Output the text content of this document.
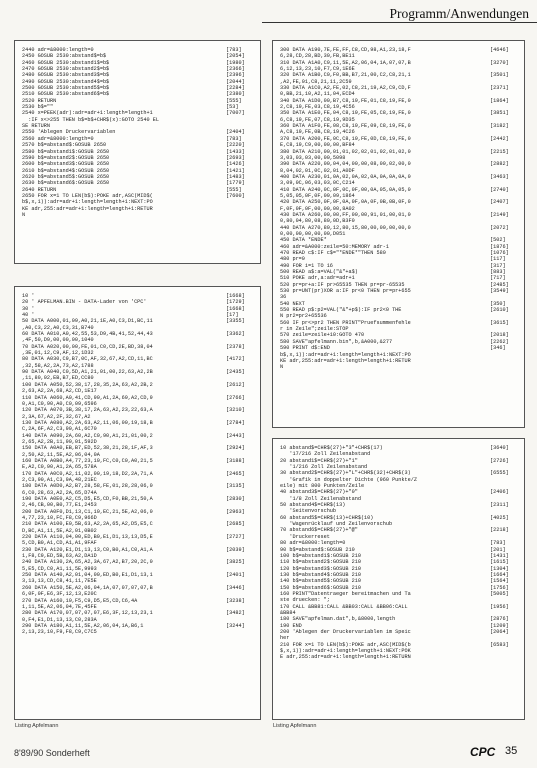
Programm/Anwendungen
2440 adr=&8000:length=0	[783]
2450 GOSUB 2530:abstand$=b$	[2054]
2460 GOSUB 2530:abstand1$=b$	[1980]
2470 GOSUB 2530:abstand2$=b$	[2366]
2480 GOSUB 2530:abstand3$=b$	[2396]
2490 GOSUB 2530:abstand4$=b$	[2044]
2500 GOSUB 2530:abstand5$=b$	[2284]
2510 GOSUB 2530:abstand6$=b$	[2380]
2520 RETURN	[555]
2530 b$=""	[53]
2540 x=PEEK(adr):adr=adr+1:length=length+1	[7007]
:IF x<>255 THEN b$=b$+CHR$(x):GOTO 2540 EL
SE RETURN
2550 'Ablegen Druckervariablen	[2404]
2560 adr=&8000:length=0	[783]
2570 b$=abstand$:GOSUB 2650	[2220]
2580 b$=abstand1$:GOSUB 2650	[1433]
2590 b$=abstand2$:GOSUB 2650	[2693]
2600 b$=abstand3$:GOSUB 2650	[1426]
2610 b$=abstand4$:GOSUB 2650	[1421]
2620 b$=abstand5$:GOSUB 2650	[1483]
2630 b$=abstand6$:GOSUB 2650	[1779]
2640 RETURN	[555]
2650 FOR x=1 TO LEN(b$):POKE adr,ASC(MID$(	[7600]
b$,x,1)):adr=adr+1:length=length+1:NEXT:PO
KE adr,255:adr=adr+1:length=length+1:RETUR
N
300 DATA A190,7E,FE,FF,C8,CD,98,A1,23,18,F	[4646]
6,28,CD,28,BD,30,FB,BE11
310 DATA A1A0,C9,11,5E,A2,06,04,1A,07,07,B	[3270]
6,12,13,23,10,F7,C9,1E6E
320 DATA A1B0,C0,F0,BB,B7,21,00,C2,C8,21,1	[3501]
,A2,FE,01,C8,21,11,2C59
330 DATA A1C0,A2,FE,02,C8,21,19,A2,C9,CD,F	[2371]
0,BB,21,10,A2,11,04,ECD4
340 DATA A1D0,00,B7,C8,19,FE,01,C8,19,FE,0	[1864]
2,C8,19,FE,03,C8,19,4C56
350 DATA A1E0,FE,04,C8,19,FE,05,C8,19,FE,0	[3851]
6,C8,19,FE,07,C8,19,9D35
360 DATA A1F0,FE,08,C8,19,FE,09,C8,19,FE,0	[3182]
A,C8,19,FE,0B,C8,19,4C26
370 DATA A200,FE,0C,C8,19,FE,0D,C8,19,FE,0	[2442]
E,C8,19,C9,00,00,00,BF84
380 DATA A210,00,01,01,02,02,01,02,01,02,0	[2215]
3,03,03,03,00,00,5098
390 DATA A220,00,04,04,00,00,08,00,02,00,0	[2882]
8,04,02,01,0C,02,01,A0DF
400 DATA A230,01,0A,02,0A,02,0A,0A,0A,0A,0	[3463]
3,09,0C,06,03,03,0C,C214
410 DATA A240,0C,0F,0C,0F,00,0A,05,0A,05,0	[2740]
5,05,05,0F,0F,09,09,1864
420 DATA A250,0F,0F,0A,0F,0A,0F,0B,0B,0F,0	[2407]
F,0F,0F,0F,00,00,00,8A02
430 DATA A260,00,00,FF,00,00,91,01,00,01,0	[2149]
0,80,04,80,08,80,0D,B3F0
440 DATA A270,80,12,80,15,80,00,00,00,00,0	[2072]
0,00,00,00,00,00,D051
450 DATA *ENDE*	[502]
460 adr=&A000:zeile=50:MEMORY adr-1	[1876]
470 READ c$:IF c$="*ENDE*"THEN 580	[1076]
480 pr=0	[117]
490 FOR i=1 TO 16	[317]
500 READ a$:a=VAL("&"+a$)	[883]
510 POKE adr,a:adr=adr+1	[717]
520 pr=pr+a:IF pr>65535 THEN pr=pr-65535	[2485]
530 pr=UNT(pr)XOR a:IF pr<0 THEN pr=pr+655	[3549]
36
540 NEXT	[350]
550 READ p$:p2=VAL("&"+p$):IF pr2<0 THE	[2610]
N pr2=pr2+65536
560 IF pr<>pr2 THEN PRINT"Pruefsummenfehle	[3615]
r in Zeile";zeile:STOP
570 zeile=zeile+10:GOTO 470	[2018]
580 SAVE"apfelmann.bin",b,&A000,&277	[2262]
590 PRINT d$:END	[346]
b$,x,1)):adr=adr+1:length=length+1:NEXT:PO
KE adr,255:adr=adr+1:length=length+1:RETUR
N
10 '	[1668]
20 ' APFELMAN.BIN - DATA-Lader von 'CPC'	[1729]
30 '	[1668]
40 '	[17]
50 DATA A000,01,09,A0,21,1E,A0,C3,D1,BC,11	[3355]
,A0,C3,22,A0,C3,31,B740
60 DATA A010,A0,42,55,53,D9,4B,41,52,44,43	[3362]
,4F,50,D9,00,00,00,1040
70 DATA A020,00,00,FE,01,C0,CD,2E,BD,38,04	[2378]
,3E,01,12,C9,AF,12,1D32
80 DATA A030,C9,B7,0C,AF,32,67,A2,CD,11,BC	[4172]
,32,58,A2,2A,73,A2,1788
90 DATA A040,C0,5D,A1,21,01,00,22,63,A2,2B	[2435]
,11,80,02,EB,B7,ED,CC80
100 DATA A050,52,38,17,28,35,2A,63,A2,2B,2	[2612]
2,63,A2,2A,68,A2,CD,1E17
110 DATA A060,A0,41,CD,90,A1,2A,69,A2,CD,9	[2766]
0,A1,C0,90,A0,C0,09,6596
120 DATA A070,3B,38,17,2A,63,A2,23,22,63,A	[3210]
2,3A,67,A2,2F,32,67,A2
130 DATA A080,A2,2A,63,A2,11,06,00,19,18,B	[2784]
C,2A,6F,A2,C3,90,A1,6C70
140 DATA A090,2A,60,A2,C0,90,A1,21,01,00,2	[2443]
2,65,A2,2B,11,90,01,592D
150 DATA A0A0,EB,B7,ED,52,38,21,28,1F,AF,3	[2924]
2,50,A2,11,5E,A2,06,04,0A
160 DATA A0B0,A4,77,23,10,FC,C0,C0,A0,21,5	[3188]
E,A2,C0,90,A1,2A,65,578A
170 DATA A0C0,A2,11,02,00,19,18,D2,2A,71,A	[2465]
2,C3,90,A1,C3,9A,48,21EC
180 DATA A0D0,A2,B7,28,58,FE,01,28,28,06,0	[3135]
6,C0,28,63,A2,2A,65,D74A
190 DATA A0E0,A2,C5,D5,E5,CD,F0,BB,21,50,A	[2830]
2,46,CB,00,B0,77,E1,2453
200 DATA A0F0,D1,13,C1,10,EC,21,5E,A2,06,0	[2963]
4,77,23,10,FC,F8,C9,966D
210 DATA A100,E0,5B,63,A2,2A,65,A2,D5,E5,C	[2685]
D,BC,A1,11,5E,A2,01,0B02
220 DATA A110,04,00,ED,B0,E1,D1,13,13,D5,E	[2727]
5,CD,B0,A1,CD,A1,A1,9FAF
230 DATA A120,E1,D1,13,13,C0,B0,A1,C0,A1,A	[2039]
1,F8,C9,ED,5B,63,A2,DA1D
240 DATA A130,2A,65,A2,3A,67,A2,B7,20,2C,0	[3825]
5,E5,CD,C0,A1,11,5E,9993
250 DATA A140,A2,01,04,00,ED,B0,E1,D1,13,1	[2401]
3,13,13,CD,C8,41,11,7E5E
260 DATA A150,5E,A2,06,04,1A,07,07,07,07,B	[3446]
6,0F,0F,E6,3F,12,13,E20C
270 DATA A160,10,F5,C9,D5,E5,CD,C6,4A	[3238]
1,11,5E,A2,06,04,7E,45FE
280 DATA A170,07,07,07,07,E6,3F,12,13,23,1	[3482]
0,F4,E1,D1,13,13,C0,283A
290 DATA A180,A1,11,5E,A2,06,04,1A,B6,1	[3244]
2,13,23,10,F9,F8,C9,C7C5
10 abstand$=CHR$(27)+"3"+CHR$(17)	[3640]
'17/216 Zoll Zeilenabstand
20 abstand1$=CHR$(27)+"1"	[2726]
'1/216 Zoll Zeilenabstand
30 abstand2$=CHR$(27)+"L"+CHR$(32)+CHR$(3)	[6555]
'Grafik in doppelter Dichte (960 Punkte/Z
eile) mit 800 Punkten/Zeile
40 abstand3$=CHR$(27)+"0"	[2406]
'1/8 Zoll Zeilenabstand
50 abstand4$=CHR$(13)	[2311]
'Seitenvorschub
60 abstand5$=CHR$(13)+CHR$(10)	[4025]
'Wagenrücklauf und Zeilenvorschub
70 abstand6$=CHR$(27)+"@"	[2218]
'Druckerreset
80 adr=&8000:length=0	[783]
90 b$=abstand$:GOSUB 210	[201]
100 b$=abstand1$:GOSUB 210	[1431]
110 b$=abstand2$:GOSUB 210	[1615]
120 b$=abstand3$:GOSUB 210	[1304]
130 b$=abstand4$:GOSUB 210	[1664]
140 b$=abstand5$:GOSUB 210	[1564]
150 b$=abstand6$:GOSUB 210	[1756]
160 PRINT"Datentraeger bereitmachen und Ta	[5005]
ste druecken: ";
170 CALL &BB81:CALL &BB03:CALL &BB06:CALL	[1956]
&BB84
180 SAVE"apfelman.dat",b,&8000,length	[2876]
190 END	[1209]
200 'Ablegen der Druckervariablen im Speic	[2064]
her
210 FOR x=1 TO LEN(b$):POKE adr,ASC(MID$(b	[6583]
$,x,1)):adr=adr+1:length=length+1:NEXT:POK
E adr,255:adr=adr+1:length=length+1:RETURN
Listing Apfelmann	Listing Apfelmann
8'89/90 Sonderheft	CPC 35
